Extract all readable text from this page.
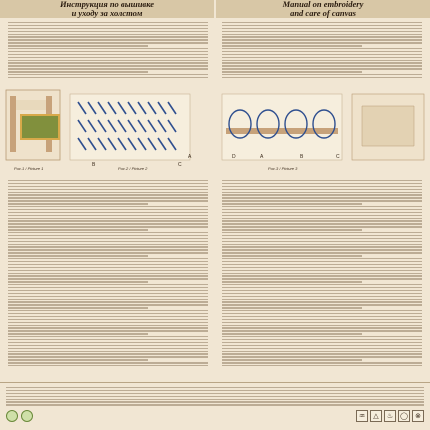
Инструкция по вышивке
и уходу за холстом
Manual on embroidery
and care of canvas

B	C
A	D	A	B	C
Рис.1 / Picture 1	Рис.2 / Picture 2	Рис.3 / Picture 3

♒	△	♨ ◯	⊗
